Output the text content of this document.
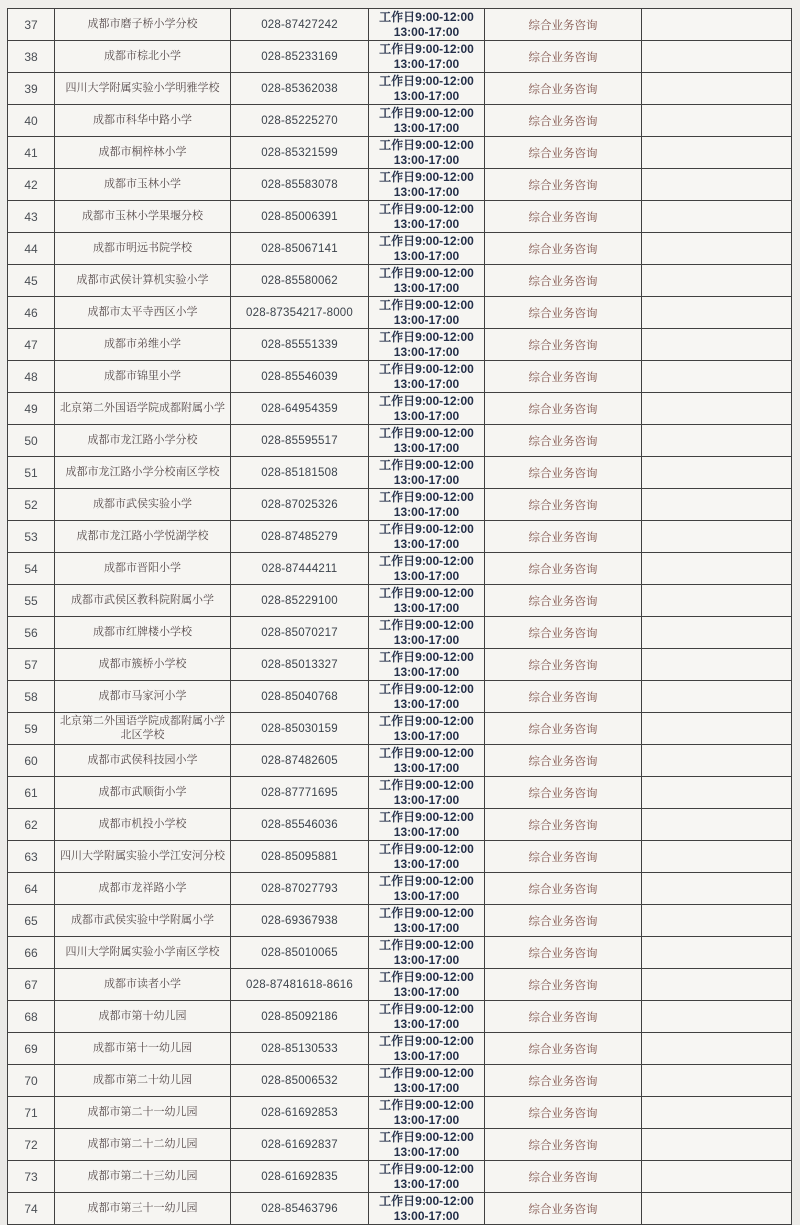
37	成都市磨子桥小学分校	028-87427242	工作日9:00-12:00
13:00-17:00	综合业务咨询	
38	成都市棕北小学	028-85233169	工作日9:00-12:00
13:00-17:00	综合业务咨询	
39	四川大学附属实验小学明雅学校	028-85362038	工作日9:00-12:00
13:00-17:00	综合业务咨询	
40	成都市科华中路小学	028-85225270	工作日9:00-12:00
13:00-17:00	综合业务咨询	
41	成都市桐梓林小学	028-85321599	工作日9:00-12:00
13:00-17:00	综合业务咨询	
42	成都市玉林小学	028-85583078	工作日9:00-12:00
13:00-17:00	综合业务咨询	
43	成都市玉林小学果堰分校	028-85006391	工作日9:00-12:00
13:00-17:00	综合业务咨询	
44	成都市明远书院学校	028-85067141	工作日9:00-12:00
13:00-17:00	综合业务咨询	
45	成都市武侯计算机实验小学	028-85580062	工作日9:00-12:00
13:00-17:00	综合业务咨询	
46	成都市太平寺西区小学	028-87354217-8000	工作日9:00-12:00
13:00-17:00	综合业务咨询	
47	成都市弟维小学	028-85551339	工作日9:00-12:00
13:00-17:00	综合业务咨询	
48	成都市锦里小学	028-85546039	工作日9:00-12:00
13:00-17:00	综合业务咨询	
49	北京第二外国语学院成都附属小学	028-64954359	工作日9:00-12:00
13:00-17:00	综合业务咨询	
50	成都市龙江路小学分校	028-85595517	工作日9:00-12:00
13:00-17:00	综合业务咨询	
51	成都市龙江路小学分校南区学校	028-85181508	工作日9:00-12:00
13:00-17:00	综合业务咨询	
52	成都市武侯实验小学	028-87025326	工作日9:00-12:00
13:00-17:00	综合业务咨询	
53	成都市龙江路小学悦湖学校	028-87485279	工作日9:00-12:00
13:00-17:00	综合业务咨询	
54	成都市晋阳小学	028-87444211	工作日9:00-12:00
13:00-17:00	综合业务咨询	
55	成都市武侯区教科院附属小学	028-85229100	工作日9:00-12:00
13:00-17:00	综合业务咨询	
56	成都市红牌楼小学校	028-85070217	工作日9:00-12:00
13:00-17:00	综合业务咨询	
57	成都市簇桥小学校	028-85013327	工作日9:00-12:00
13:00-17:00	综合业务咨询	
58	成都市马家河小学	028-85040768	工作日9:00-12:00
13:00-17:00	综合业务咨询	
59	北京第二外国语学院成都附属小学北区学校	028-85030159	工作日9:00-12:00
13:00-17:00	综合业务咨询	
60	成都市武侯科技园小学	028-87482605	工作日9:00-12:00
13:00-17:00	综合业务咨询	
61	成都市武顺街小学	028-87771695	工作日9:00-12:00
13:00-17:00	综合业务咨询	
62	成都市机投小学校	028-85546036	工作日9:00-12:00
13:00-17:00	综合业务咨询	
63	四川大学附属实验小学江安河分校	028-85095881	工作日9:00-12:00
13:00-17:00	综合业务咨询	
64	成都市龙祥路小学	028-87027793	工作日9:00-12:00
13:00-17:00	综合业务咨询	
65	成都市武侯实验中学附属小学	028-69367938	工作日9:00-12:00
13:00-17:00	综合业务咨询	
66	四川大学附属实验小学南区学校	028-85010065	工作日9:00-12:00
13:00-17:00	综合业务咨询	
67	成都市读者小学	028-87481618-8616	工作日9:00-12:00
13:00-17:00	综合业务咨询	
68	成都市第十幼儿园	028-85092186	工作日9:00-12:00
13:00-17:00	综合业务咨询	
69	成都市第十一幼儿园	028-85130533	工作日9:00-12:00
13:00-17:00	综合业务咨询	
70	成都市第二十幼儿园	028-85006532	工作日9:00-12:00
13:00-17:00	综合业务咨询	
71	成都市第二十一幼儿园	028-61692853	工作日9:00-12:00
13:00-17:00	综合业务咨询	
72	成都市第二十二幼儿园	028-61692837	工作日9:00-12:00
13:00-17:00	综合业务咨询	
73	成都市第二十三幼儿园	028-61692835	工作日9:00-12:00
13:00-17:00	综合业务咨询	
74	成都市第三十一幼儿园	028-85463796	工作日9:00-12:00
13:00-17:00	综合业务咨询	
